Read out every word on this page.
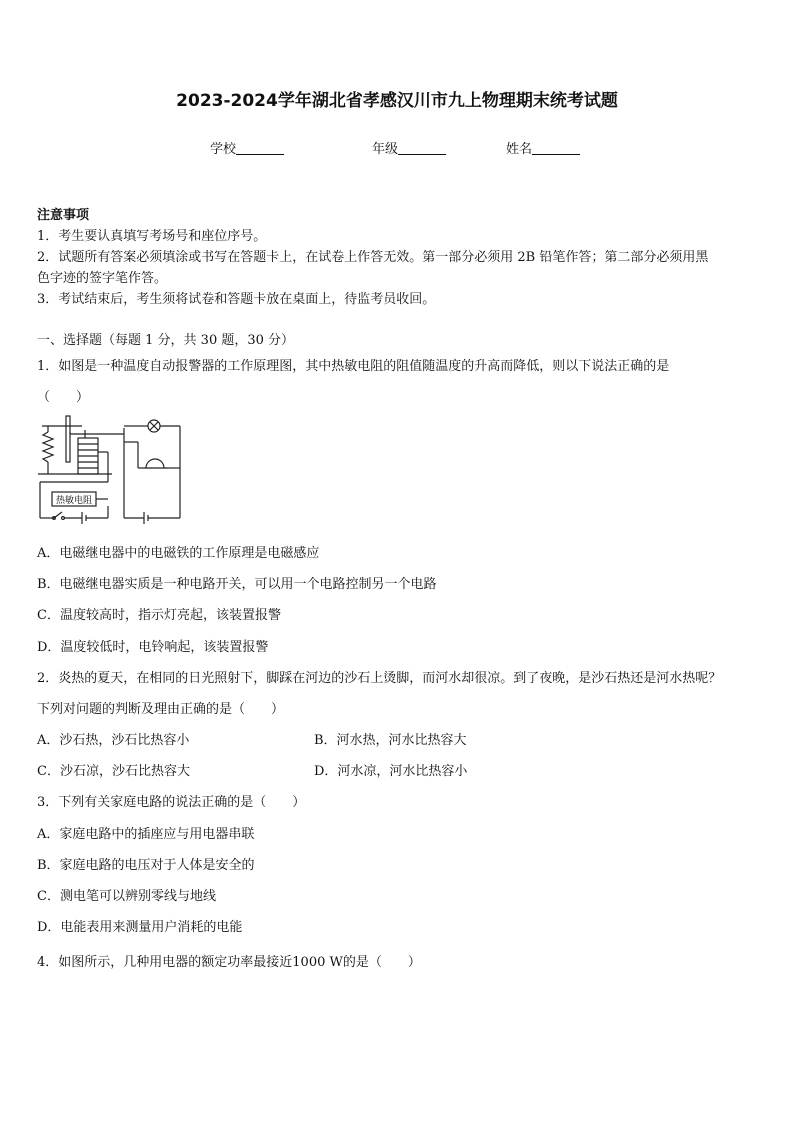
2023-2024学年湖北省孝感汉川市九上物理期末统考试题
学校	年级	姓名
注意事项
1．考生要认真填写考场号和座位序号。
2．试题所有答案必须填涂或书写在答题卡上，在试卷上作答无效。第一部分必须用 2B 铅笔作答；第二部分必须用黑
色字迹的签字笔作答。
3．考试结束后，考生须将试卷和答题卡放在桌面上，待监考员收回。
一、选择题（每题 1 分，共 30 题，30 分）
1．如图是一种温度自动报警器的工作原理图，其中热敏电阻的阻值随温度的升高而降低，则以下说法正确的是
（　　）
热敏电阻
A．电磁继电器中的电磁铁的工作原理是电磁感应
B．电磁继电器实质是一种电路开关，可以用一个电路控制另一个电路
C．温度较高时，指示灯亮起，该装置报警
D．温度较低时，电铃响起，该装置报警
2．炎热的夏天，在相同的日光照射下，脚踩在河边的沙石上烫脚，而河水却很凉。到了夜晚，是沙石热还是河水热呢？
下列对问题的判断及理由正确的是（　　）
A．沙石热，沙石比热容小	B．河水热，河水比热容大
C．沙石凉，沙石比热容大	D．河水凉，河水比热容小
3．下列有关家庭电路的说法正确的是（　　）
A．家庭电路中的插座应与用电器串联
B．家庭电路的电压对于人体是安全的
C．测电笔可以辨别零线与地线
D．电能表用来测量用户消耗的电能
4．如图所示，几种用电器的额定功率最接近1000 W的是（　　）
